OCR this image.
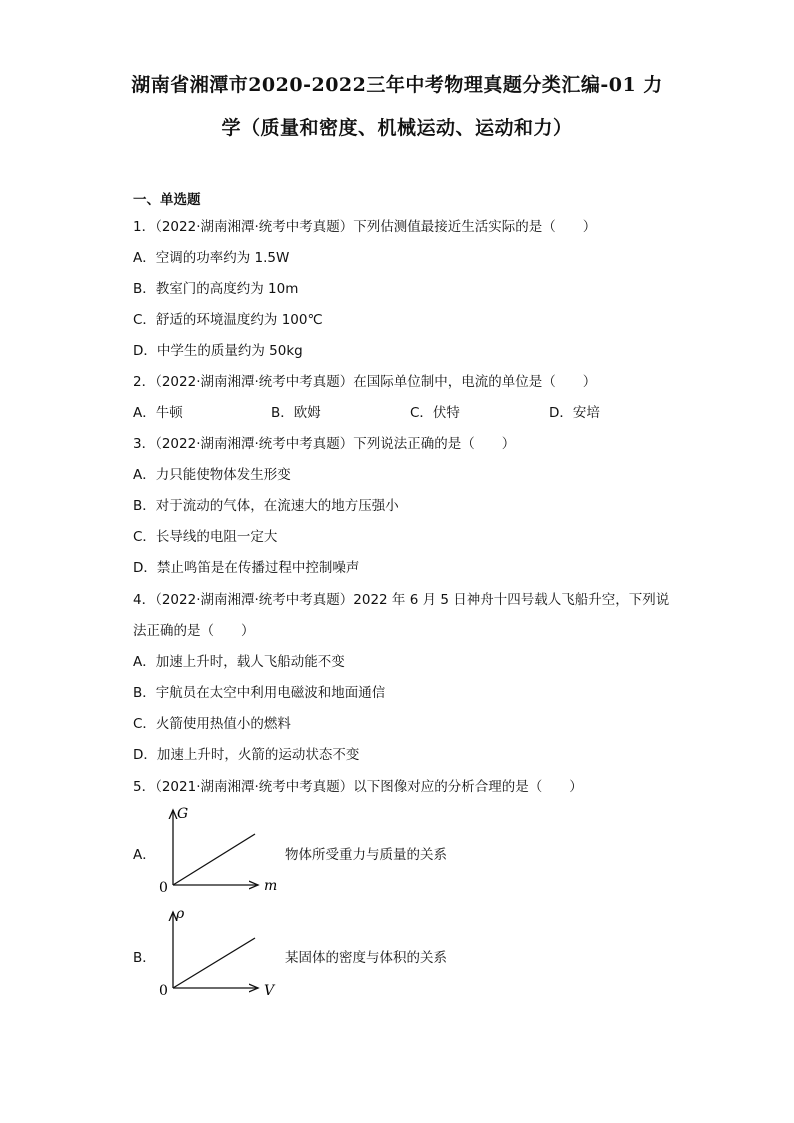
湖南省湘潭市2020-2022三年中考物理真题分类汇编-01 力
学（质量和密度、机械运动、运动和力）
一、单选题
1．（2022·湖南湘潭·统考中考真题）下列估测值最接近生活实际的是（　　）
A．空调的功率约为 1.5W
B．教室门的高度约为 10m
C．舒适的环境温度约为 100℃
D．中学生的质量约为 50kg
2．（2022·湖南湘潭·统考中考真题）在国际单位制中，电流的单位是（　　）
A．牛顿	B．欧姆	C．伏特	D．安培
3．（2022·湖南湘潭·统考中考真题）下列说法正确的是（　　）
A．力只能使物体发生形变
B．对于流动的气体，在流速大的地方压强小
C．长导线的电阻一定大
D．禁止鸣笛是在传播过程中控制噪声
4．（2022·湖南湘潭·统考中考真题）2022 年 6 月 5 日神舟十四号载人飞船升空，下列说
法正确的是（　　）
A．加速上升时，载人飞船动能不变
B．宇航员在太空中利用电磁波和地面通信
C．火箭使用热值小的燃料
D．加速上升时，火箭的运动状态不变
5．（2021·湖南湘潭·统考中考真题）以下图像对应的分析合理的是（　　）
A．
G
m
0
物体所受重力与质量的关系
B．
ρ
V
0
某固体的密度与体积的关系
